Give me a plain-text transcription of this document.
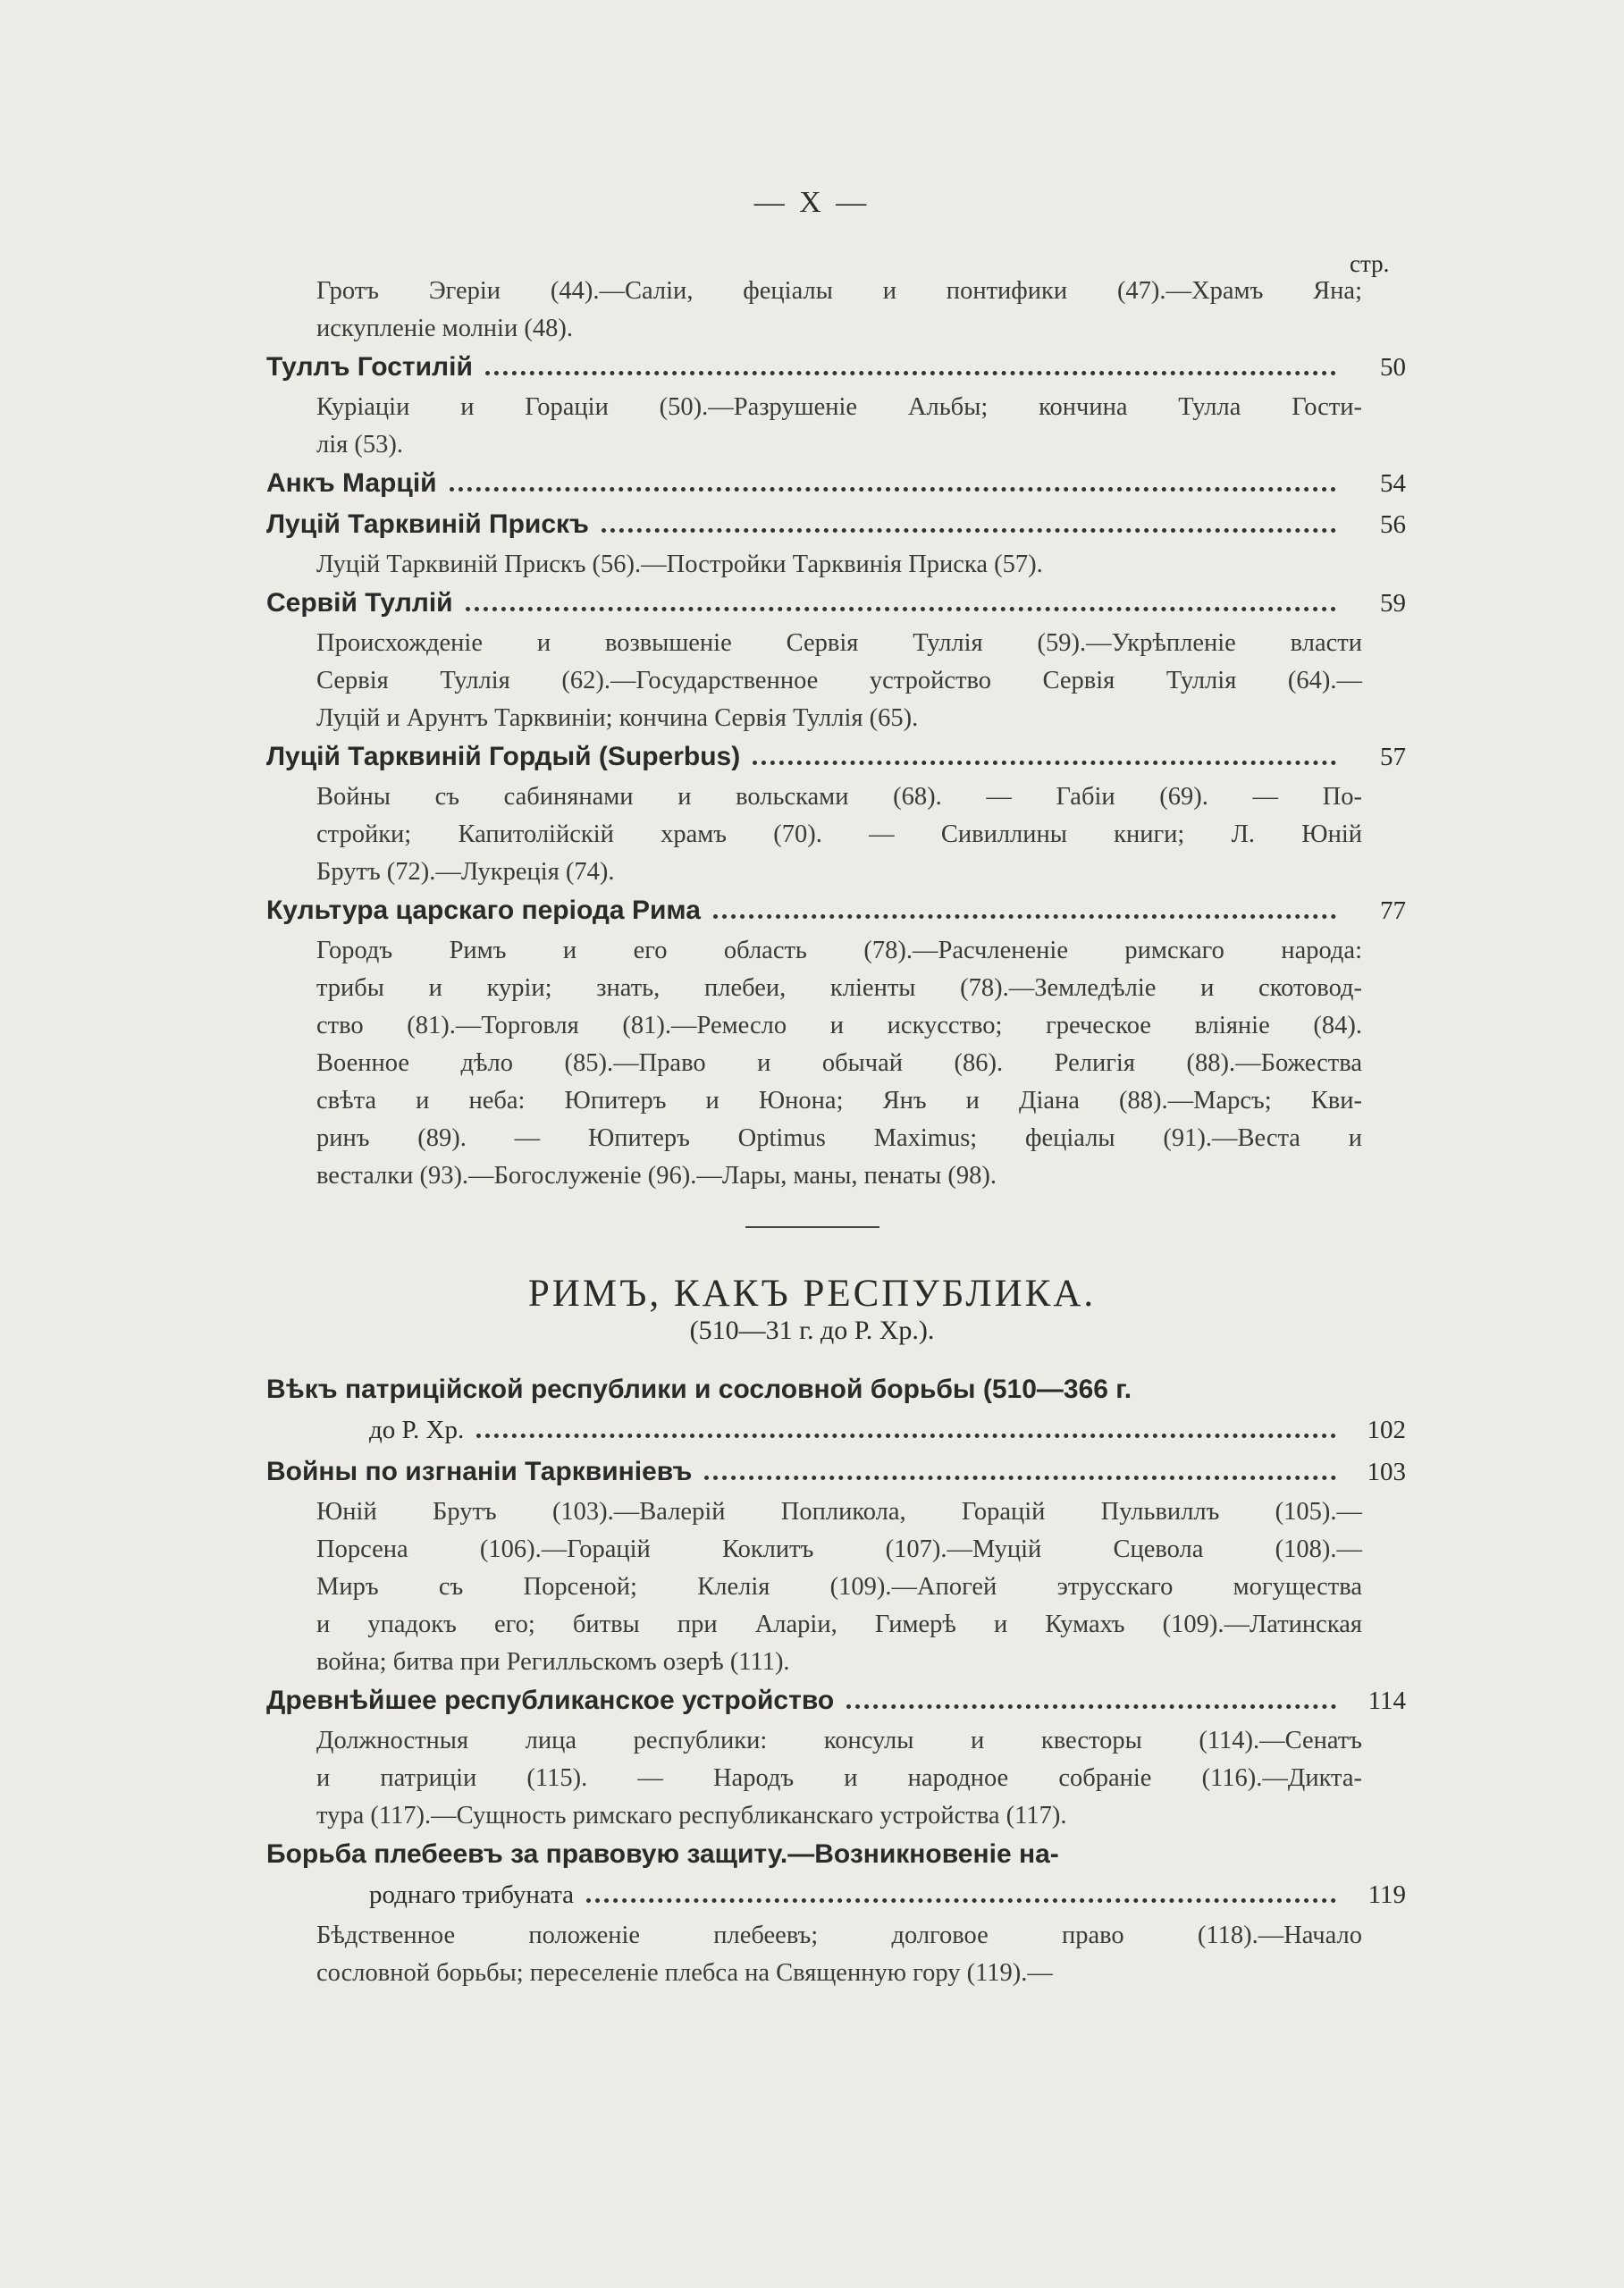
— X —
стр.
Гротъ Эгеріи (44).—Саліи, феціалы и понтифики (47).—Храмъ Яна;
искупленіе молніи (48).
Туллъ Гостилій	50
Куріаціи и Гораціи (50).—Разрушеніе Альбы; кончина Тулла Гости-
лія (53).
Анкъ Марцій	54
Луцій Тарквиній Прискъ	56
Луцій Тарквиній Прискъ (56).—Постройки Тарквинія Приска (57).
Сервій Туллій	59
Происхожденіе и возвышеніе Сервія Туллія (59).—Укрѣпленіе власти
Сервія Туллія (62).—Государственное устройство Сервія Туллія (64).—
Луцій и Арунтъ Тарквиніи; кончина Сервія Туллія (65).
Луцій Тарквиній Гордый (Superbus)	57
Войны съ сабинянами и вольсками (68). — Габіи (69). — По-
стройки; Капитолійскій храмъ (70). — Сивиллины книги; Л. Юній
Брутъ (72).—Лукреція (74).
Культура царскаго періода Рима	77
Городъ Римъ и его область (78).—Расчлененіе римскаго народа:
трибы и куріи; знать, плебеи, кліенты (78).—Земледѣліе и скотовод-
ство (81).—Торговля (81).—Ремесло и искусство; греческое вліяніе (84).
Военное дѣло (85).—Право и обычай (86). Религія (88).—Божества
свѣта и неба: Юпитеръ и Юнона; Янъ и Діана (88).—Марсъ; Кви-
ринъ (89). — Юпитеръ Optimus Maximus; феціалы (91).—Веста и
весталки (93).—Богослуженіе (96).—Лары, маны, пенаты (98).
РИМЪ, КАКЪ РЕСПУБЛИКА.
(510—31 г. до Р. Хр.).
Вѣкъ патриційской республики и сословной борьбы (510—366 г.
до Р. Хр.	102
Войны по изгнаніи Тарквиніевъ	103
Юній Брутъ (103).—Валерій Попликола, Горацій Пульвиллъ (105).—
Порсена (106).—Горацій Коклитъ (107).—Муцій Сцевола (108).—
Миръ съ Порсеной; Клелія (109).—Апогей этрусскаго могущества
и упадокъ его; битвы при Аларіи, Гимерѣ и Кумахъ (109).—Латинская
война; битва при Регилльскомъ озерѣ (111).
Древнѣйшее республиканское устройство	114
Должностныя лица республики: консулы и квесторы (114).—Сенатъ
и патриціи (115). — Народъ и народное собраніе (116).—Дикта-
тура (117).—Сущность римскаго республиканскаго устройства (117).
Борьба плебеевъ за правовую защиту.—Возникновеніе на-
роднаго трибуната	119
Бѣдственное положеніе плебеевъ; долговое право (118).—Начало
сословной борьбы; переселеніе плебса на Священную гору (119).—
